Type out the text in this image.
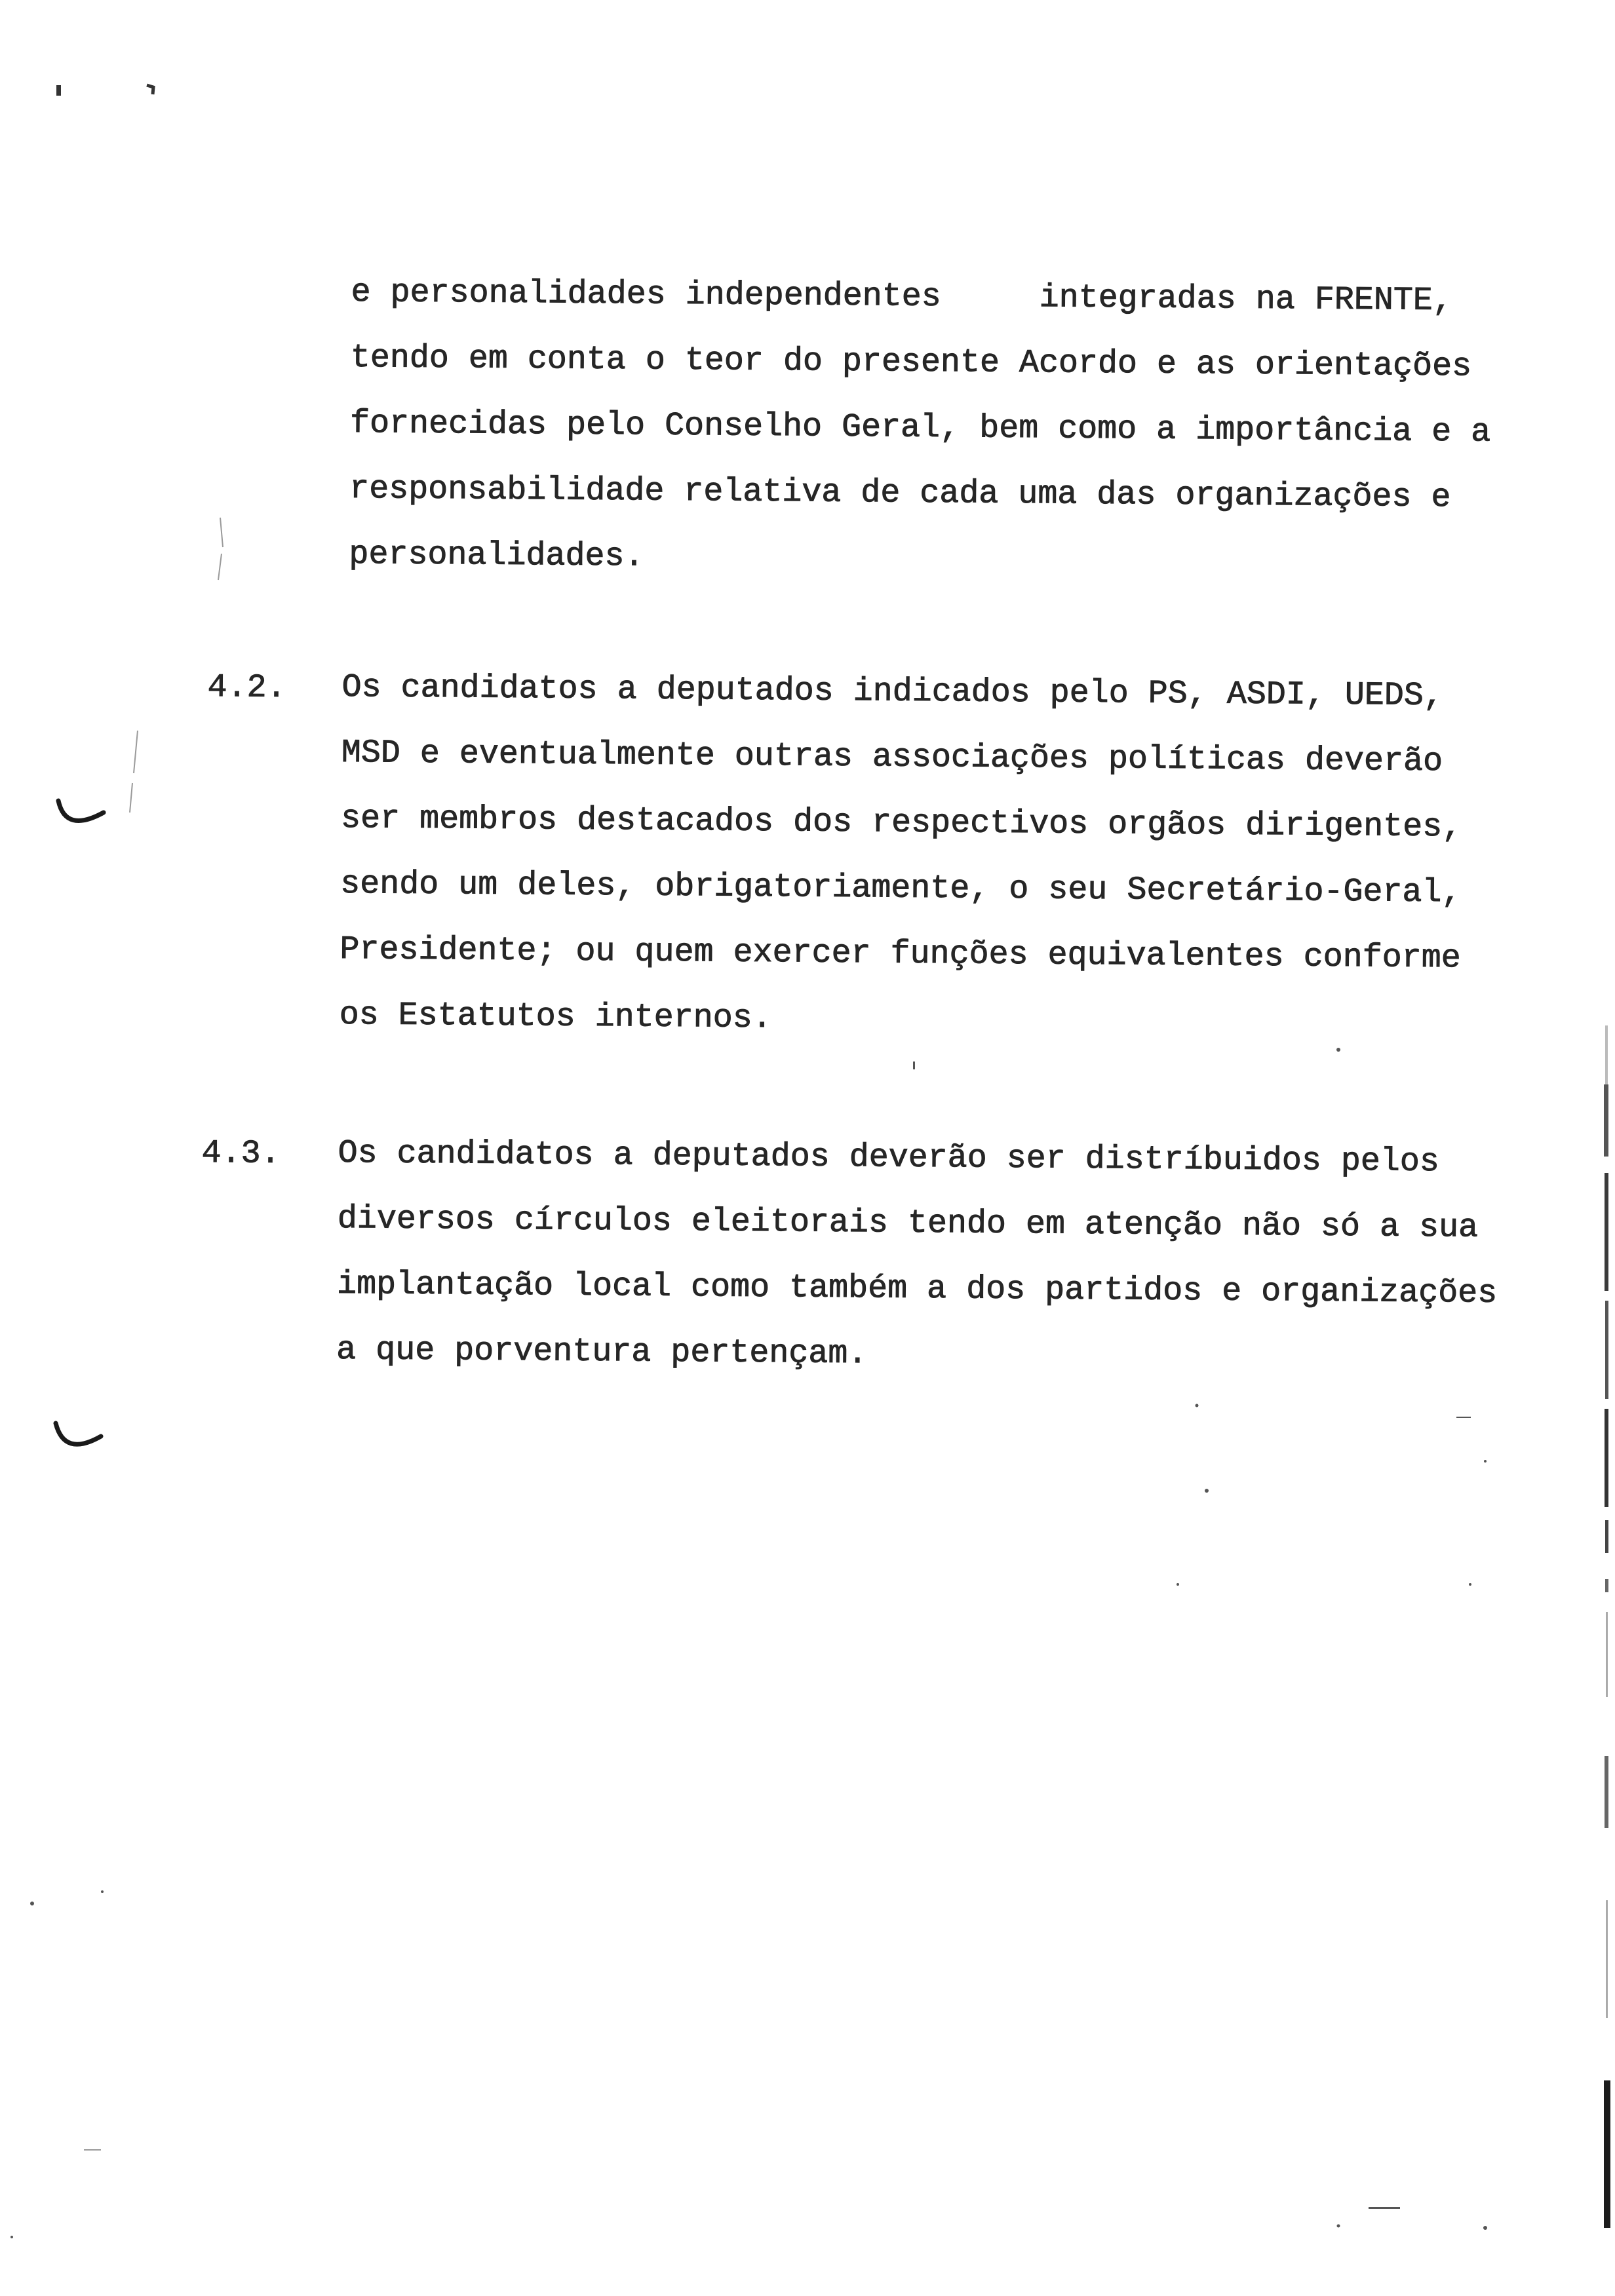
e personalidades independentes     integradas na FRENTE,
tendo em conta o teor do presente Acordo e as orientações
fornecidas pelo Conselho Geral, bem como a importância e a
responsabilidade relativa de cada uma das organizações e
personalidades.
4.2. Os candidatos a deputados indicados pelo PS, ASDI, UEDS,
MSD e eventualmente outras associações políticas deverão
ser membros destacados dos respectivos orgãos dirigentes,
sendo um deles, obrigatoriamente, o seu Secretário-Geral,
Presidente; ou quem exercer funções equivalentes conforme
os Estatutos internos.
4.3. Os candidatos a deputados deverão ser distríbuidos pelos
diversos círculos eleitorais tendo em atenção não só a sua
implantação local como também a dos partidos e organizações
a que porventura pertençam.
